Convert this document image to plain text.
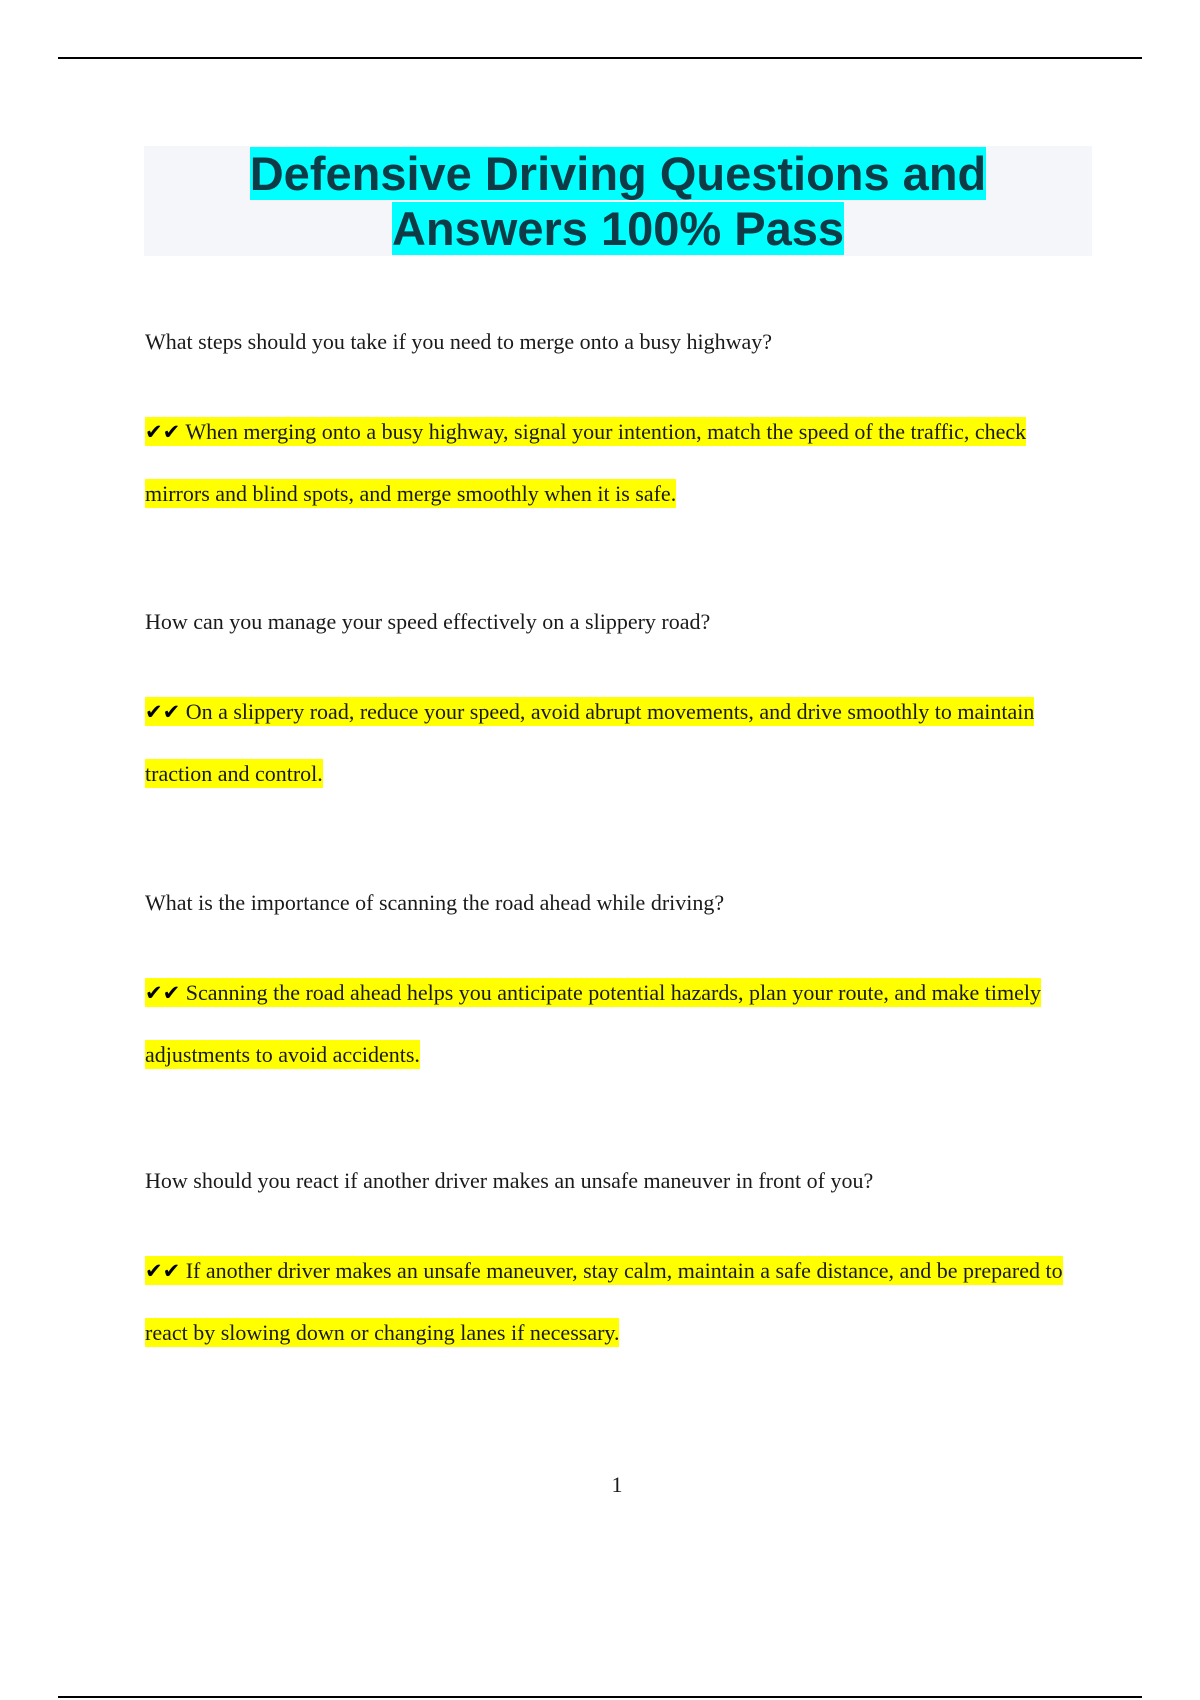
Defensive Driving Questions and
Answers 100% Pass

What steps should you take if you need to merge onto a busy highway?

✔✔ When merging onto a busy highway, signal your intention, match the speed of the traffic, check mirrors and blind spots, and merge smoothly when it is safe.

How can you manage your speed effectively on a slippery road?

✔✔ On a slippery road, reduce your speed, avoid abrupt movements, and drive smoothly to maintain traction and control.

What is the importance of scanning the road ahead while driving?

✔✔ Scanning the road ahead helps you anticipate potential hazards, plan your route, and make timely adjustments to avoid accidents.

How should you react if another driver makes an unsafe maneuver in front of you?

✔✔ If another driver makes an unsafe maneuver, stay calm, maintain a safe distance, and be prepared to react by slowing down or changing lanes if necessary.

1
